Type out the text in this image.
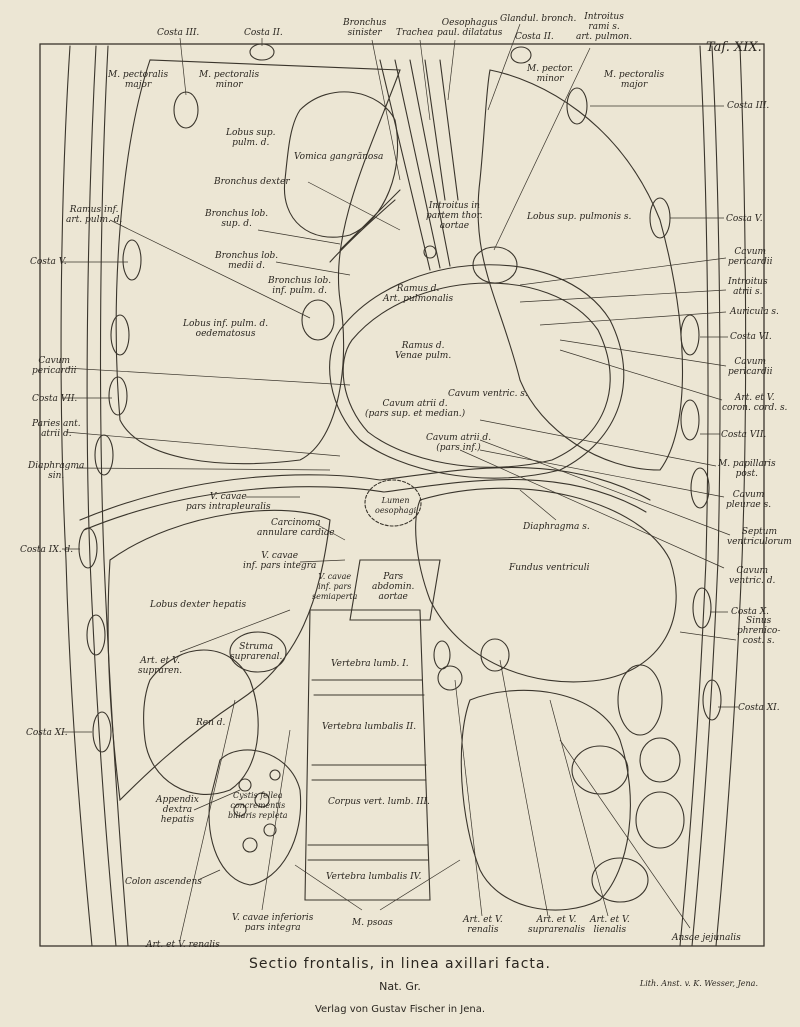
Taf. XIX.
Costa III.	Costa II.
Bronchus
sinister	Trachea
Oesophagus
paul. dilatatus
Glandul. bronch.
Costa II.
Introitus
rami s.
art. pulmon.
M. pector.
minor
M. pectoralis
major
M. pectoralis
minor
M. pectoralis
major
Costa III.
Lobus sup.
pulm. d.
Vomica gangränosa
Bronchus dexter
Bronchus lob.
sup. d.
Introitus in
partem thor.
aortae
Lobus sup. pulmonis s.	Costa V.
Ramus inf.
art. pulm. d.
Bronchus lob.
medii d.
Cavum
pericardii
Costa V.
Introitus
atrii s.
Bronchus lob.
inf. pulm. d.	Ramus d.
Art. pulmonalis
Auricula s.
Lobus inf. pulm. d.
oedematosus	Costa VI.
Ramus d.
Venae pulm.
Cavum
pericardii
Cavum
pericardii
Cavum ventric. s.	Art. et V.
coron. cord. s.
Costa VII.	Cavum atrii d.
(pars sup. et median.)
Costa VII.
Paries ant.
atrii d.	Cavum atrii d.
(pars inf.)
M. papillaris
post.
Diaphragma
sin.
Lumen
oesophagi
Cavum
pleurae s.
V. cavae
pars intrapleuralis
Diaphragma s.	Septum
ventriculorum
Carcinoma
annulare cardiae
Costa IX. d.
V. cavae
inf. pars integra	Fundus ventriculi	Cavum
ventric. d.
V. cavae
inf. pars
semiaperta
Pars
abdomin.
aortae
Lobus dexter hepatis
Costa X.
Sinus
phrenico-
cost. s.
Struma
suprarenal.
Art. et V.
supraren.
Vertebra lumb. I.
Costa XI.
Ren d.
Costa XI.
Vertebra lumbalis II.
Appendix
dextra
hepatis
Cystis fellea
concrementis
biliaris repleta
Corpus vert. lumb. III.
Vertebra lumbalis IV.
Colon ascendens
V. cavae inferioris
pars integra	M. psoas	Art. et V.
renalis
Art. et V.
suprarenalis
Art. et V.
lienalis
Ansae jejunalis
Art. et V. renalis
Sectio frontalis, in linea axillari facta.
Nat. Gr.	Lith. Anst. v. K. Wesser, Jena.
Verlag von Gustav Fischer in Jena.
